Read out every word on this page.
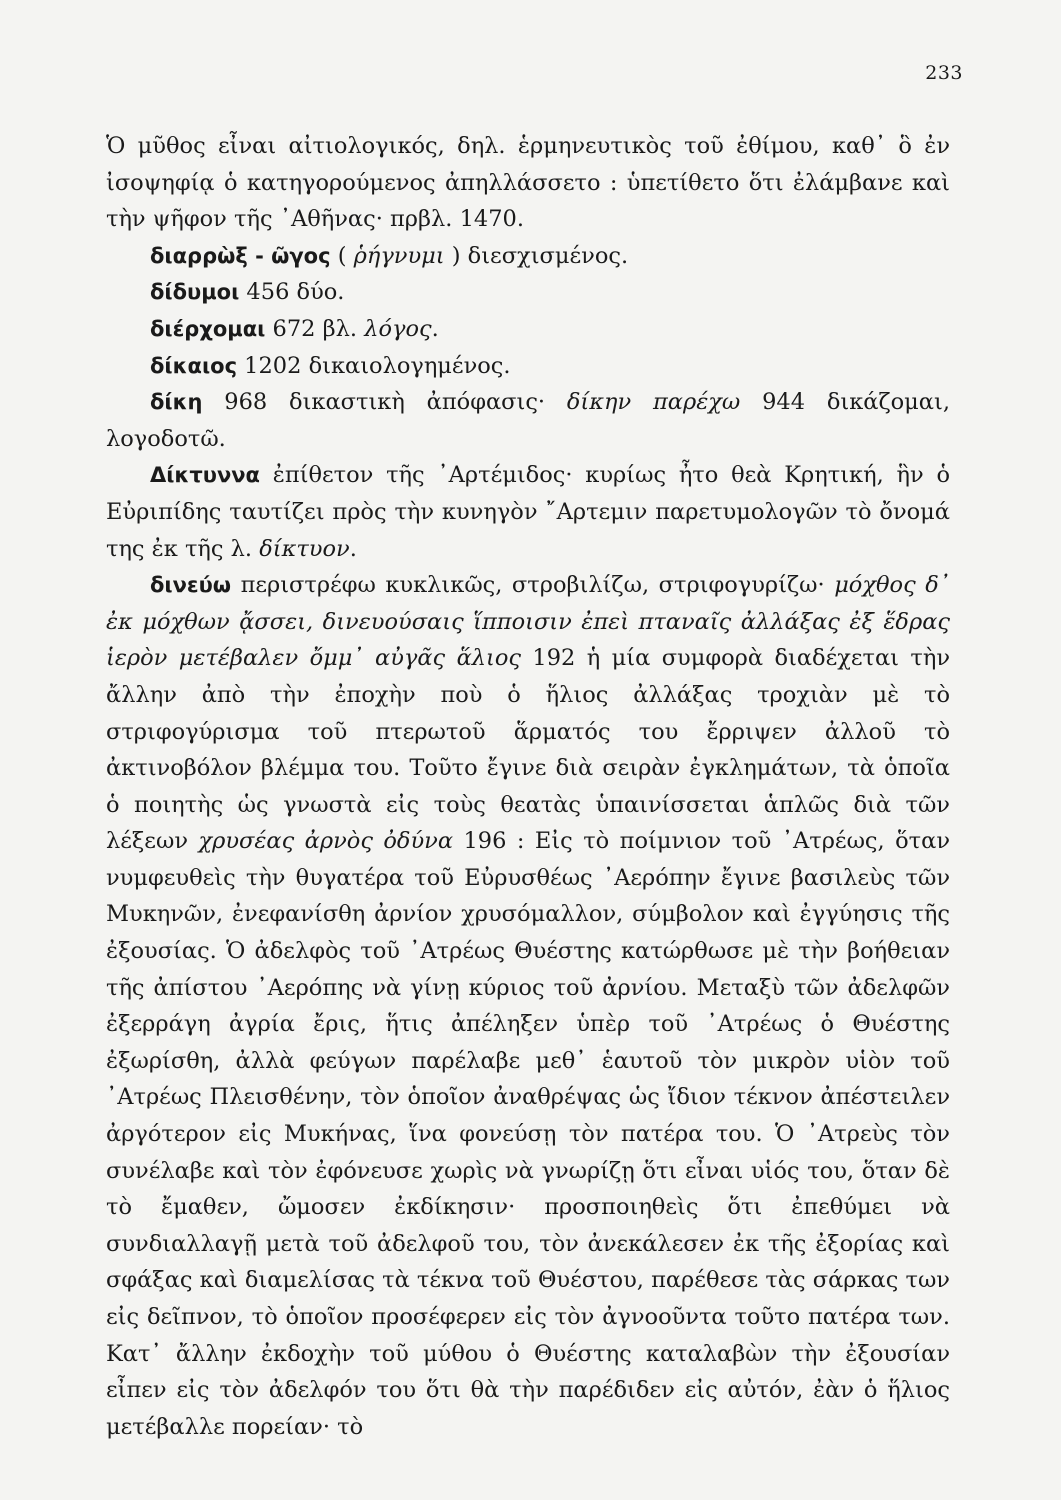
233

Ὁ μῦθος εἶναι αἰτιολογικός, δηλ. ἑρμηνευτικὸς τοῦ ἐθίμου, καθ᾽ ὃ ἐν ἰσοψηφίᾳ ὁ κατηγορούμενος ἀπηλλάσσετο : ὑπετίθετο ὅτι ἐλάμβανε καὶ τὴν ψῆφον τῆς ᾽Αθῆνας· πρβλ. 1470.

διαρρὼξ - ῶγος ( ῥήγνυμι ) διεσχισμένος.

δίδυμοι 456 δύο.

διέρχομαι 672 βλ. λόγος.

δίκαιος 1202 δικαιολογημένος.

δίκη 968 δικαστικὴ ἀπόφασις· δίκην παρέχω 944 δικάζομαι, λογοδοτῶ.

Δίκτυννα ἐπίθετον τῆς ᾽Αρτέμιδος· κυρίως ἦτο θεὰ Κρητική, ἣν ὁ Εὐριπίδης ταυτίζει πρὸς τὴν κυνηγὸν ῎Αρτεμιν παρετυμολογῶν τὸ ὄνομά της ἐκ τῆς λ. δίκτυον.

δινεύω περιστρέφω κυκλικῶς, στροβιλίζω, στριφογυρίζω· μόχθος δ᾽ ἐκ μόχθων ᾄσσει, δινευούσαις ἵπποισιν ἐπεὶ πταναῖς ἀλλάξας ἐξ ἕδρας ἱερὸν μετέβαλεν ὄμμ᾽ αὐγᾶς ἅλιος 192 ἡ μία συμφορὰ διαδέχεται τὴν ἄλλην ἀπὸ τὴν ἐποχὴν ποὺ ὁ ἥλιος ἀλλάξας τροχιὰν μὲ τὸ στριφογύρισμα τοῦ πτερωτοῦ ἅρματός του ἔρριψεν ἀλλοῦ τὸ ἀκτινοβόλον βλέμμα του. Τοῦτο ἔγινε διὰ σειρὰν ἐγκλημάτων, τὰ ὁποῖα ὁ ποιητὴς ὡς γνωστὰ εἰς τοὺς θεατὰς ὑπαινίσσεται ἁπλῶς διὰ τῶν λέξεων χρυσέας ἀρνὸς ὀδύνα 196 : Εἰς τὸ ποίμνιον τοῦ ᾽Ατρέως, ὅταν νυμφευθεὶς τὴν θυγατέρα τοῦ Εὐρυσθέως ᾽Αερόπην ἔγινε βασιλεὺς τῶν Μυκηνῶν, ἐνεφανίσθη ἀρνίον χρυσόμαλλον, σύμβολον καὶ ἐγγύησις τῆς ἐξουσίας. Ὁ ἀδελφὸς τοῦ ᾽Ατρέως Θυέστης κατώρθωσε μὲ τὴν βοήθειαν τῆς ἀπίστου ᾽Αερόπης νὰ γίνῃ κύριος τοῦ ἀρνίου. Μεταξὺ τῶν ἀδελφῶν ἐξερράγη ἀγρία ἔρις, ἥτις ἀπέληξεν ὑπὲρ τοῦ ᾽Ατρέως ὁ Θυέστης ἐξωρίσθη, ἀλλὰ φεύγων παρέλαβε μεθ᾽ ἑαυτοῦ τὸν μικρὸν υἱὸν τοῦ ᾽Ατρέως Πλεισθένην, τὸν ὁποῖον ἀναθρέψας ὡς ἴδιον τέκνον ἀπέστειλεν ἀργότερον εἰς Μυκήνας, ἵνα φονεύσῃ τὸν πατέρα του. Ὁ ᾽Ατρεὺς τὸν συνέλαβε καὶ τὸν ἐφόνευσε χωρὶς νὰ γνωρίζῃ ὅτι εἶναι υἱός του, ὅταν δὲ τὸ ἔμαθεν, ὤμοσεν ἐκδίκησιν· προσποιηθεὶς ὅτι ἐπεθύμει νὰ συνδιαλλαγῇ μετὰ τοῦ ἀδελφοῦ του, τὸν ἀνεκάλεσεν ἐκ τῆς ἐξορίας καὶ σφάξας καὶ διαμελίσας τὰ τέκνα τοῦ Θυέστου, παρέθεσε τὰς σάρκας των εἰς δεῖπνον, τὸ ὁποῖον προσέφερεν εἰς τὸν ἀγνοοῦντα τοῦτο πατέρα των. Κατ᾽ ἄλλην ἐκδοχὴν τοῦ μύθου ὁ Θυέστης καταλαβὼν τὴν ἐξουσίαν εἶπεν εἰς τὸν ἀδελφόν του ὅτι θὰ τὴν παρέδιδεν εἰς αὐτόν, ἐὰν ὁ ἥλιος μετέβαλλε πορείαν· τὸ
